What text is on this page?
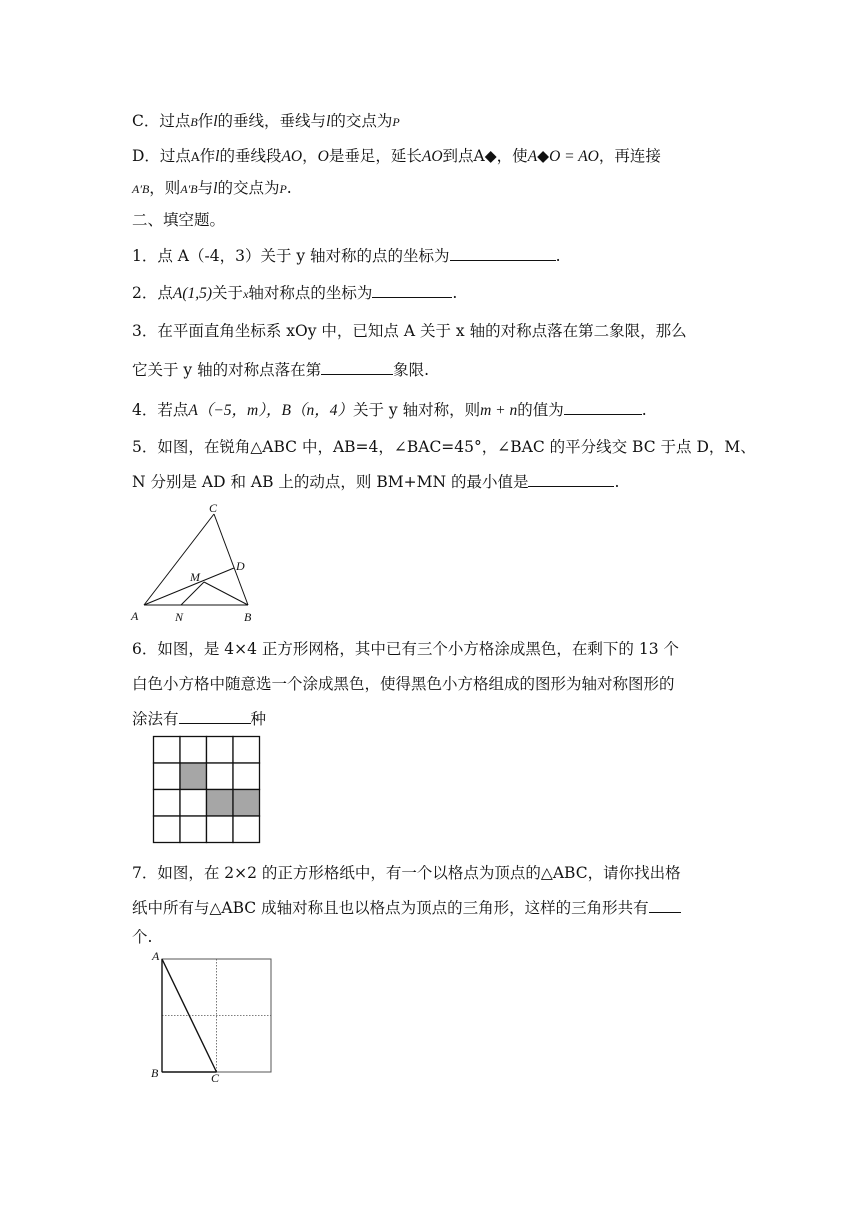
C．过点B作l的垂线，垂线与l的交点为P
D．过点A作l的垂线段AO，O是垂足，延长AO到点A◆，使A◆O = AO，再连接
A′B，则A′B与l的交点为P.
二、填空题。
1．点 A（-4，3）关于 y 轴对称的点的坐标为	.
2．点A(1,5)关于x轴对称点的坐标为	.
3．在平面直角坐标系 xOy 中，已知点 A 关于 x 轴的对称点落在第二象限，那么
它关于 y 轴的对称点落在第	象限.
4．若点A（−5，m），B（n，4）关于 y 轴对称，则m + n的值为	.
5．如图，在锐角△ABC 中，AB=4，∠BAC=45°，∠BAC 的平分线交 BC 于点 D，M、
N 分别是 AD 和 AB 上的动点，则 BM+MN 的最小值是	.
C
D
M
A	N	B
6．如图，是 4×4 正方形网格，其中已有三个小方格涂成黑色，在剩下的 13 个
白色小方格中随意选一个涂成黑色，使得黑色小方格组成的图形为轴对称图形的
涂法有	种
7．如图，在 2×2 的正方形格纸中，有一个以格点为顶点的△ABC，请你找出格
纸中所有与△ABC 成轴对称且也以格点为顶点的三角形，这样的三角形共有
个.
A
B	C
